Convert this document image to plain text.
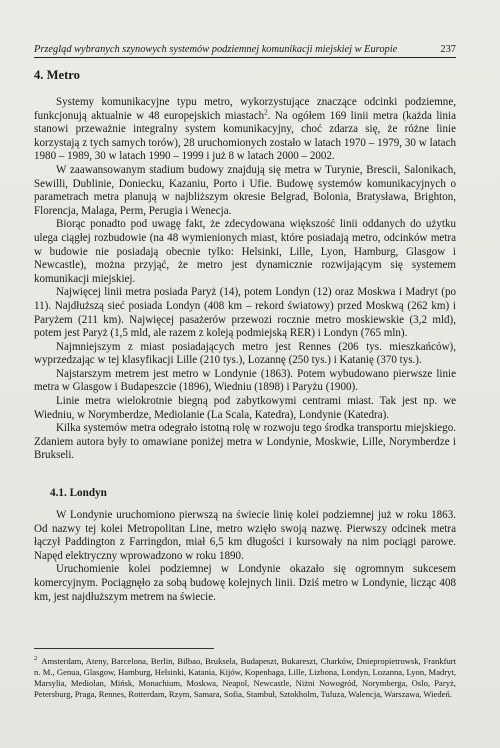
Przegląd wybranych szynowych systemów podziemnej komunikacji miejskiej w Europie	237
4. Metro

Systemy komunikacyjne typu metro, wykorzystujące znaczące odcinki podziemne, funkcjonują aktualnie w 48 europejskich miastach$^2$. Na ogółem 169 linii metra (każda linia stanowi przeważnie integralny system komunikacyjny, choć zdarza się, że różne linie korzystają z tych samych torów), 28 uruchomionych zostało w latach 1970 – 1979, 30 w latach 1980 – 1989, 30 w latach 1990 – 1999 i już 8 w latach 2000 – 2002.

W zaawansowanym stadium budowy znajdują się metra w Turynie, Brescii, Salonikach, Sewilli, Dublinie, Doniecku, Kazaniu, Porto i Ufie. Budowę systemów komunikacyjnych o parametrach metra planują w najbliższym okresie Belgrad, Bolonia, Bratysława, Brighton, Florencja, Malaga, Perm, Perugia i Wenecja.

Biorąc ponadto pod uwagę fakt, że zdecydowana większość linii oddanych do użytku ulega ciągłej rozbudowie (na 48 wymienionych miast, które posiadają metro, odcinków metra w budowie nie posiadają obecnie tylko: Helsinki, Lille, Lyon, Hamburg, Glasgow i Newcastle), można przyjąć, że metro jest dynamicznie rozwijającym się systemem komunikacji miejskiej.

Najwięcej linii metra posiada Paryż (14), potem Londyn (12) oraz Moskwa i Madryt (po 11). Najdłuższą sieć posiada Londyn (408 km – rekord światowy) przed Moskwą (262 km) i Paryżem (211 km). Najwięcej pasażerów przewozi rocznie metro moskiewskie (3,2 mld), potem jest Paryż (1,5 mld, ale razem z koleją podmiejską RER) i Londyn (765 mln).

Najmniejszym z miast posiadających metro jest Rennes (206 tys. mieszkańców), wyprzedzając w tej klasyfikacji Lille (210 tys.), Lozannę (250 tys.) i Katanię (370 tys.).

Najstarszym metrem jest metro w Londynie (1863). Potem wybudowano pierwsze linie metra w Glasgow i Budapeszcie (1896), Wiedniu (1898) i Paryżu (1900).

Linie metra wielokrotnie biegną pod zabytkowymi centrami miast. Tak jest np. we Wiedniu, w Norymberdze, Mediolanie (La Scala, Katedra), Londynie (Katedra).

Kilka systemów metra odegrało istotną rolę w rozwoju tego środka transportu miejskiego. Zdaniem autora były to omawiane poniżej metra w Londynie, Moskwie, Lille, Norymberdze i Brukseli.

4.1. Londyn

W Londynie uruchomiono pierwszą na świecie linię kolei podziemnej już w roku 1863. Od nazwy tej kolei Metropolitan Line, metro wzięło swoją nazwę. Pierwszy odcinek metra łączył Paddington z Farringdon, miał 6,5 km długości i kursowały na nim pociągi parowe. Napęd elektryczny wprowadzono w roku 1890.

Uruchomienie kolei podziemnej w Londynie okazało się ogromnym sukcesem komercyjnym. Pociągnęło za sobą budowę kolejnych linii. Dziś metro w Londynie, licząc 408 km, jest najdłuższym metrem na świecie.

$^2$ Amsterdam, Ateny, Barcelona, Berlin, Bilbao, Bruksela, Budapeszt, Bukareszt, Charków, Dniepropietrowsk, Frankfurt n. M., Genua, Glasgow, Hamburg, Helsinki, Katania, Kijów, Kopenhaga, Lille, Lizbona, Londyn, Lozanna, Lyon, Madryt, Marsylia, Mediolan, Mińsk, Monachium, Moskwa, Neapol, Newcastle, Niżni Nowogród, Norymberga, Oslo, Paryż, Petersburg, Praga, Rennes, Rotterdam, Rzym, Samara, Sofia, Stambuł, Sztokholm, Tuluza, Walencja, Warszawa, Wiedeń.
